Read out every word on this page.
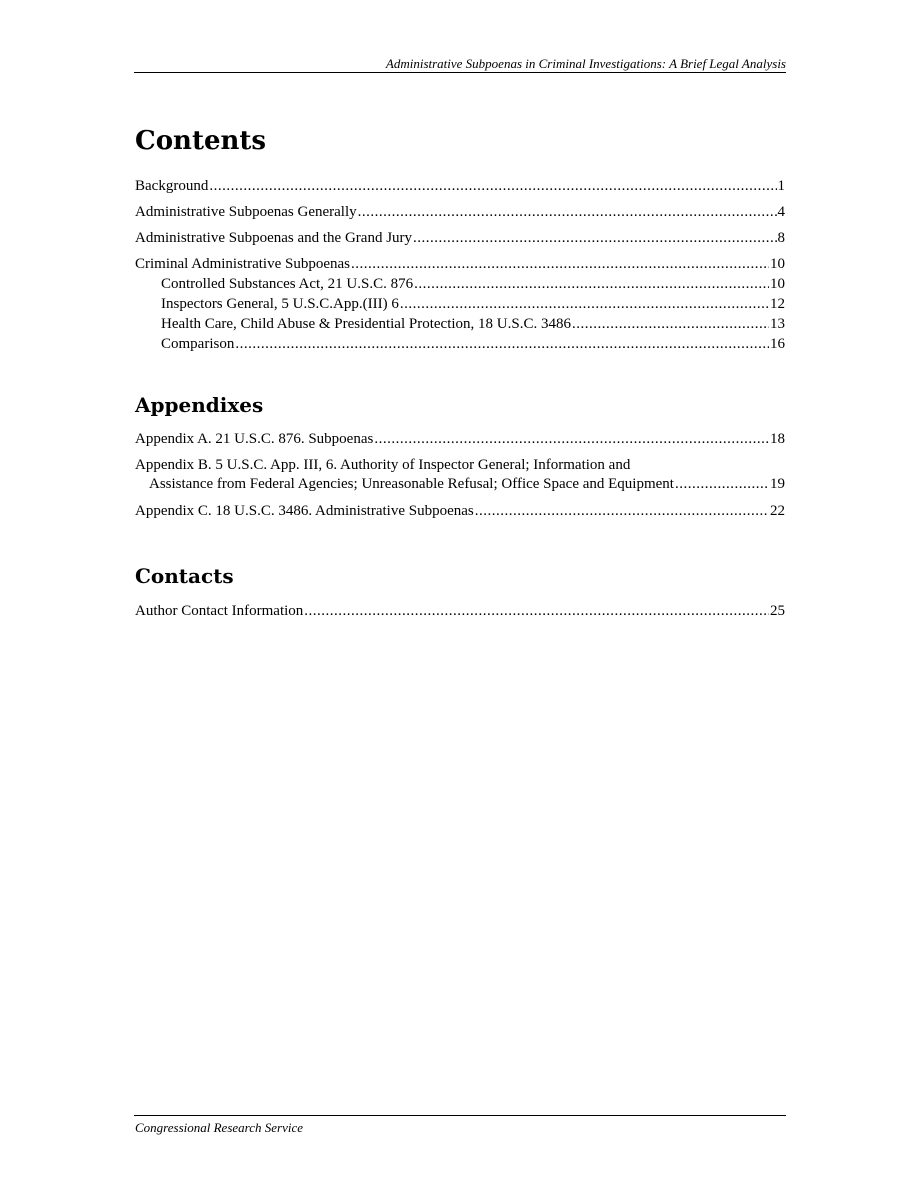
Administrative Subpoenas in Criminal Investigations: A Brief Legal Analysis
Contents
Background .....	1
Administrative Subpoenas Generally .....	4
Administrative Subpoenas and the Grand Jury .....	8
Criminal Administrative Subpoenas .....	10
Controlled Substances Act, 21 U.S.C. 876 .....	10
Inspectors General, 5 U.S.C.App.(III) 6 .....	12
Health Care, Child Abuse & Presidential Protection, 18 U.S.C. 3486 .....	13
Comparison .....	16
Appendixes
Appendix A. 21 U.S.C. 876. Subpoenas .....	18
Appendix B. 5 U.S.C. App. III, 6. Authority of Inspector General; Information and
Assistance from Federal Agencies; Unreasonable Refusal; Office Space and Equipment .....	19
Appendix C. 18 U.S.C. 3486. Administrative Subpoenas .....	22
Contacts
Author Contact Information .....	25
Congressional Research Service
